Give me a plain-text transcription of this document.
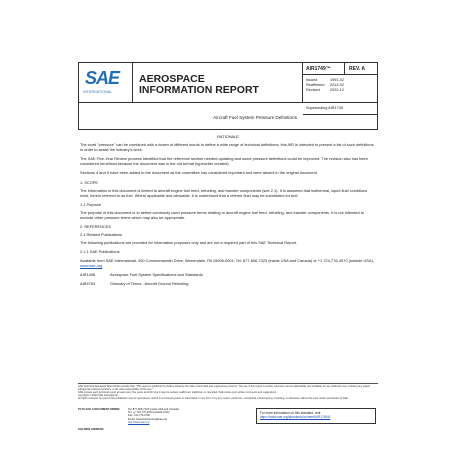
SAE
INTERNATIONAL
AEROSPACE
INFORMATION REPORT
AIR1749™	REV. A
Issued	1991-02
Reaffirmed	2013-02
Revised	2020-12
Superseding AIR1749
Aircraft Fuel System Pressure Definitions

RATIONALE

The word "pressure" can be combined with a dozen of different words to define a wide range of technical definitions; this AIR is intended to present a list of such definitions in order to assist the industry's work.

The SAE Five-Year Review process identified that the reference section needed updating and some pressure definitions could be improved. The revision also has been considered beneficial because the document was in the old format (typewriter created).

Sections 4 and 5 have been added to the document as the committee has considered important and were absent in the original document.

1. SCOPE

The information in this document is limited to aircraft engine fuel feed, refueling, and transfer components (see 2.1). It is assumed that isothermal, liquid fluid conditions exist, herein referred to as fuel. Where applicable and allowable, it is understood that a referee fluid may be substituted for fuel.

1.1 Purpose

The purpose of this document is to define commonly used pressure terms relating to aircraft engine fuel feed, refueling, and transfer components. It is not intended to exclude other pressure terms which may also be appropriate.

2. REFERENCES

2.1 Related Publications

The following publications are provided for information purposes only and are not a required part of this SAE Technical Report.

2.1.1 SAE Publications

Available from SAE International, 400 Commonwealth Drive, Warrendale, PA 15096-0001; Tel: 877-606-7323 (inside USA and Canada) or +1 724-776-4970 (outside USA), www.sae.org

AIR1408	Aerospace Fuel System Specifications and Standards
AIR4763	Glossary of Terms - Aircraft Ground Refueling
SAE Technical Standards Board Rules provide that: "This report is published by SAE to advance the state of technical and engineering sciences. The use of this report is entirely voluntary, and its applicability and suitability for any particular use, including any patent infringement arising therefrom, is the sole responsibility of the user."
SAE reviews each technical report at least every five years at which time it may be revised, reaffirmed, stabilized, or cancelled. SAE invites your written comments and suggestions.
Copyright © 2020 SAE International
All rights reserved. No part of this publication may be reproduced, stored in a retrieval system or transmitted, in any form or by any means, electronic, mechanical, photocopying, recording, or otherwise, without the prior written permission of SAE.
TO PLACE A DOCUMENT ORDER:	Tel: 877-606-7323 (inside USA and Canada)
Tel: +1 724-776-4970 (outside USA)
Fax: 724-776-0790
Email: CustomerService@sae.org
http://www.sae.org
For more information on this standard, visit
https://www.sae.org/standards/content/AIR1749A/
SAE WEB ADDRESS:
